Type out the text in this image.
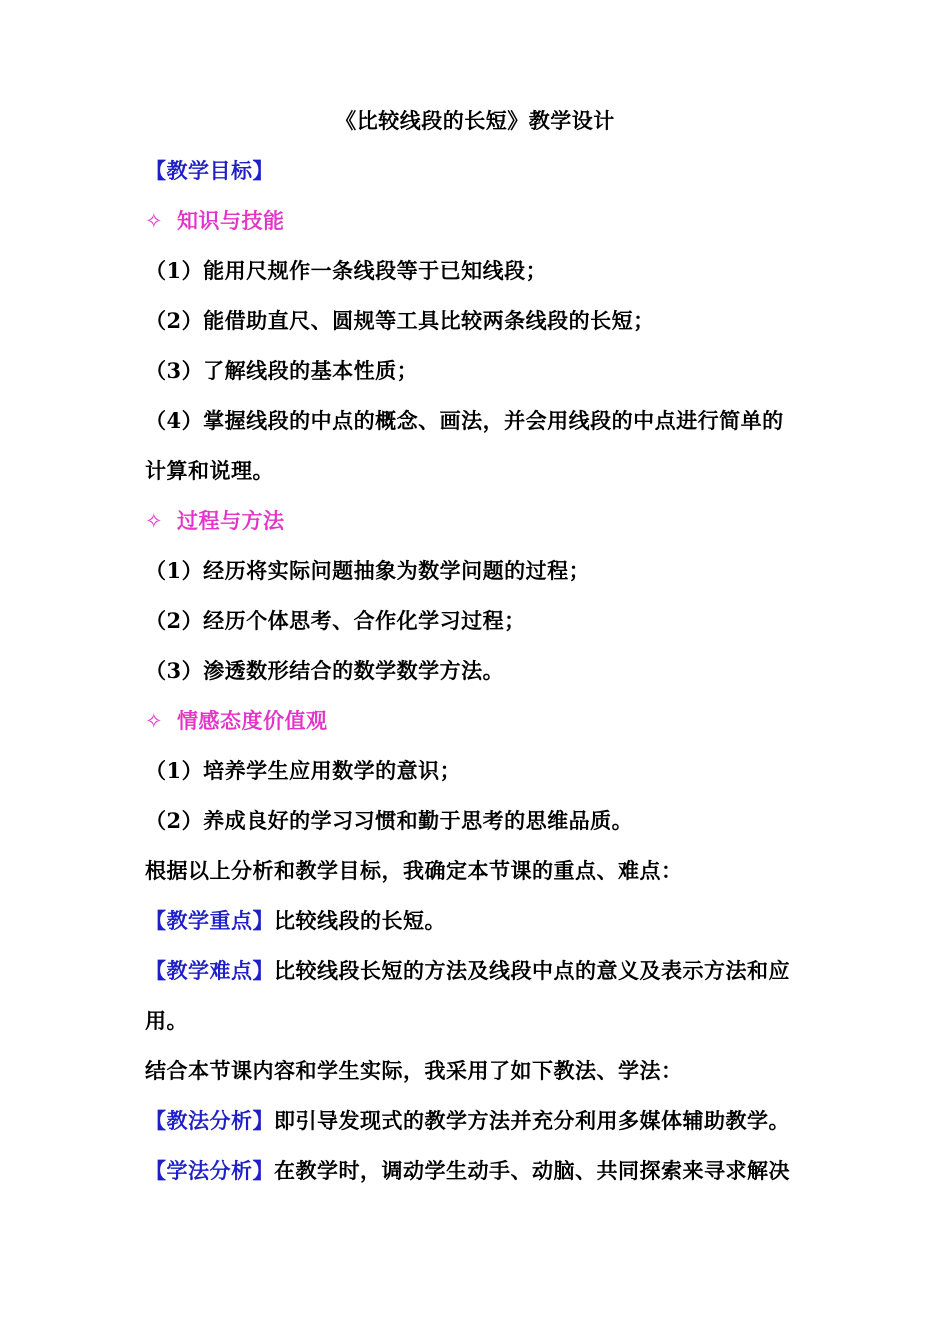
《比较线段的长短》教学设计
【教学目标】
✧ 知识与技能
（1）能用尺规作一条线段等于已知线段；
（2）能借助直尺、圆规等工具比较两条线段的长短；
（3）了解线段的基本性质；
（4）掌握线段的中点的概念、画法，并会用线段的中点进行简单的
计算和说理。
✧ 过程与方法
（1）经历将实际问题抽象为数学问题的过程；
（2）经历个体思考、合作化学习过程；
（3）渗透数形结合的数学数学方法。
✧ 情感态度价值观
（1）培养学生应用数学的意识；
（2）养成良好的学习习惯和勤于思考的思维品质。
根据以上分析和教学目标，我确定本节课的重点、难点：
【教学重点】比较线段的长短。
【教学难点】比较线段长短的方法及线段中点的意义及表示方法和应
用。
结合本节课内容和学生实际，我采用了如下教法、学法：
【教法分析】即引导发现式的教学方法并充分利用多媒体辅助教学。
【学法分析】在教学时，调动学生动手、动脑、共同探索来寻求解决
